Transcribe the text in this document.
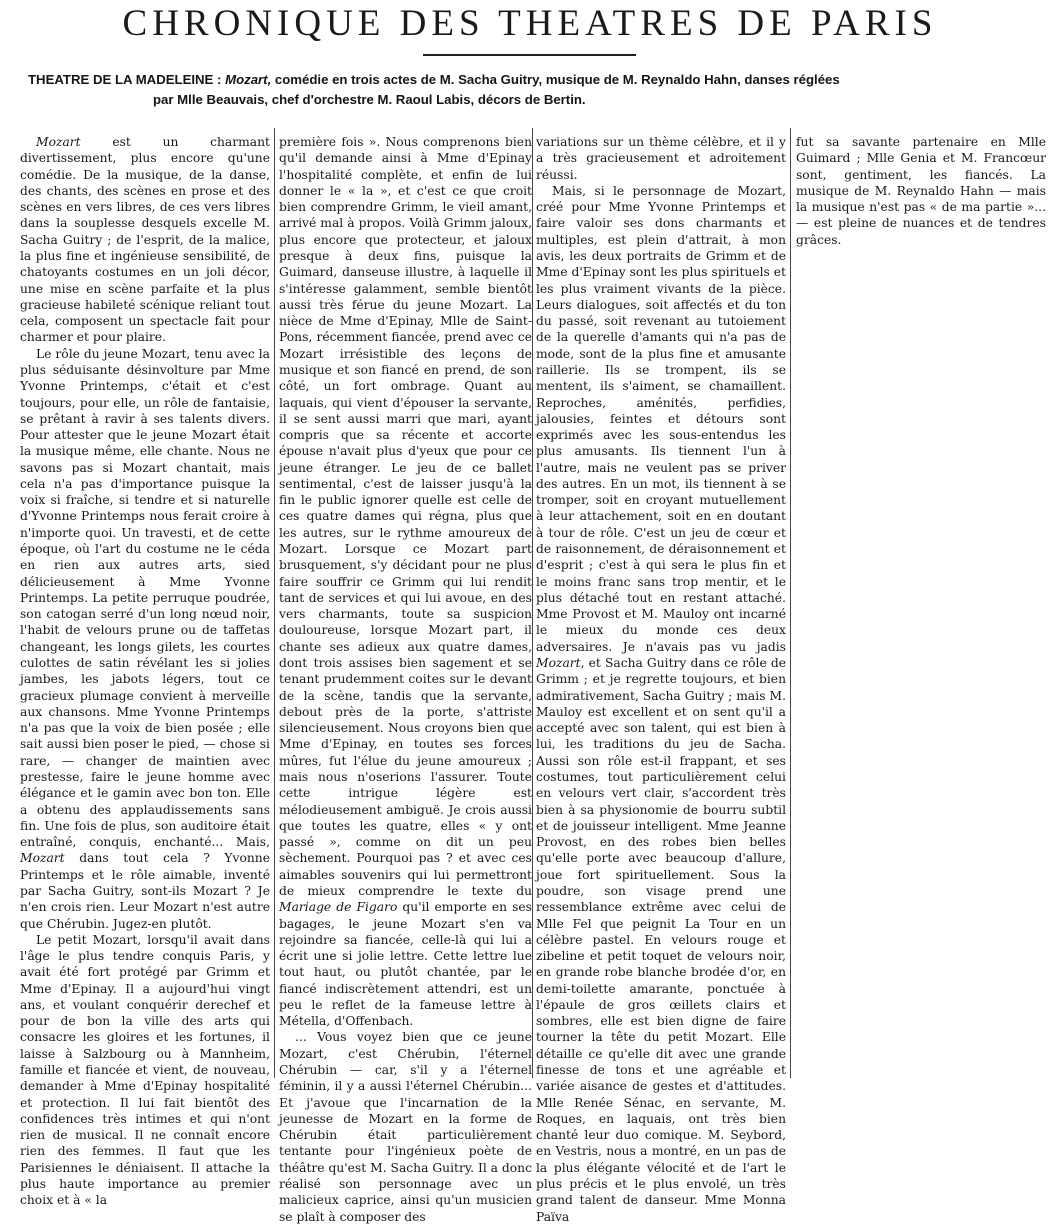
CHRONIQUE DES THEATRES DE PARIS
THEATRE DE LA MADELEINE : Mozart, comédie en trois actes de M. Sacha Guitry, musique de M. Reynaldo Hahn, danses réglées
par Mlle Beauvais, chef d'orchestre M. Raoul Labis, décors de Bertin.

Mozart est un charmant divertissement, plus encore qu'une comédie. De la musique, de la danse, des chants, des scènes en prose et des scènes en vers libres, de ces vers libres dans la souplesse desquels excelle M. Sacha Guitry ; de l'esprit, de la malice, la plus fine et ingénieuse sensibilité, de chatoyants costumes en un joli décor, une mise en scène parfaite et la plus gracieuse habileté scénique reliant tout cela, composent un spectacle fait pour charmer et pour plaire.

Le rôle du jeune Mozart, tenu avec la plus séduisante désinvolture par Mme Yvonne Printemps, c'était et c'est toujours, pour elle, un rôle de fantaisie, se prêtant à ravir à ses talents divers. Pour attester que le jeune Mozart était la musique même, elle chante. Nous ne savons pas si Mozart chantait, mais cela n'a pas d'importance puisque la voix si fraîche, si tendre et si naturelle d'Yvonne Printemps nous ferait croire à n'importe quoi. Un travesti, et de cette époque, où l'art du costume ne le céda en rien aux autres arts, sied délicieusement à Mme Yvonne Printemps. La petite perruque poudrée, son catogan serré d'un long nœud noir, l'habit de velours prune ou de taffetas changeant, les longs gilets, les courtes culottes de satin révélant les si jolies jambes, les jabots légers, tout ce gracieux plumage convient à merveille aux chansons. Mme Yvonne Printemps n'a pas que la voix de bien posée ; elle sait aussi bien poser le pied, — chose si rare, — changer de maintien avec prestesse, faire le jeune homme avec élégance et le gamin avec bon ton. Elle a obtenu des applaudissements sans fin. Une fois de plus, son auditoire était entraîné, conquis, enchanté... Mais, Mozart dans tout cela ? Yvonne Printemps et le rôle aimable, inventé par Sacha Guitry, sont-ils Mozart ? Je n'en crois rien. Leur Mozart n'est autre que Chérubin. Jugez-en plutôt.

Le petit Mozart, lorsqu'il avait dans l'âge le plus tendre conquis Paris, y avait été fort protégé par Grimm et Mme d'Epinay. Il a aujourd'hui vingt ans, et voulant conquérir derechef et pour de bon la ville des arts qui consacre les gloires et les fortunes, il laisse à Salzbourg ou à Mannheim, famille et fiancée et vient, de nouveau, demander à Mme d'Epinay hospitalité et protection. Il lui fait bientôt des confidences très intimes et qui n'ont rien de musical. Il ne connaît encore rien des femmes. Il faut que les Parisiennes le déniaisent. Il attache la plus haute importance au premier choix et à « la

première fois ». Nous comprenons bien qu'il demande ainsi à Mme d'Epinay l'hospitalité complète, et enfin de lui donner le « la », et c'est ce que croit bien comprendre Grimm, le vieil amant, arrivé mal à propos. Voilà Grimm jaloux, plus encore que protecteur, et jaloux presque à deux fins, puisque la Guimard, danseuse illustre, à laquelle il s'intéresse galamment, semble bientôt aussi très férue du jeune Mozart. La nièce de Mme d'Epinay, Mlle de Saint-Pons, récemment fiancée, prend avec ce Mozart irrésistible des leçons de musique et son fiancé en prend, de son côté, un fort ombrage. Quant au laquais, qui vient d'épouser la servante, il se sent aussi marri que mari, ayant compris que sa récente et accorte épouse n'avait plus d'yeux que pour ce jeune étranger. Le jeu de ce ballet sentimental, c'est de laisser jusqu'à la fin le public ignorer quelle est celle de ces quatre dames qui régna, plus que les autres, sur le rythme amoureux de Mozart. Lorsque ce Mozart part brusquement, s'y décidant pour ne plus faire souffrir ce Grimm qui lui rendit tant de services et qui lui avoue, en des vers charmants, toute sa suspicion douloureuse, lorsque Mozart part, il chante ses adieux aux quatre dames, dont trois assises bien sagement et se tenant prudemment coites sur le devant de la scène, tandis que la servante, debout près de la porte, s'attriste silencieusement. Nous croyons bien que Mme d'Epinay, en toutes ses forces mûres, fut l'élue du jeune amoureux ; mais nous n'oserions l'assurer. Toute cette intrigue légère est mélodieusement ambiguë. Je crois aussi que toutes les quatre, elles « y ont passé », comme on dit un peu sèchement. Pourquoi pas ? et avec ces aimables souvenirs qui lui permettront de mieux comprendre le texte du Mariage de Figaro qu'il emporte en ses bagages, le jeune Mozart s'en va rejoindre sa fiancée, celle-là qui lui a écrit une si jolie lettre. Cette lettre lue tout haut, ou plutôt chantée, par le fiancé indiscrètement attendri, est un peu le reflet de la fameuse lettre à Métella, d'Offenbach.

... Vous voyez bien que ce jeune Mozart, c'est Chérubin, l'éternel Chérubin — car, s'il y a l'éternel féminin, il y a aussi l'éternel Chérubin... Et j'avoue que l'incarnation de la jeunesse de Mozart en la forme de Chérubin était particulièrement tentante pour l'ingénieux poète de théâtre qu'est M. Sacha Guitry. Il a donc réalisé son personnage avec un malicieux caprice, ainsi qu'un musicien se plaît à composer des

variations sur un thème célèbre, et il y a très gracieusement et adroitement réussi.

Mais, si le personnage de Mozart, créé pour Mme Yvonne Printemps et faire valoir ses dons charmants et multiples, est plein d'attrait, à mon avis, les deux portraits de Grimm et de Mme d'Epinay sont les plus spirituels et les plus vraiment vivants de la pièce. Leurs dialogues, soit affectés et du ton du passé, soit revenant au tutoiement de la querelle d'amants qui n'a pas de mode, sont de la plus fine et amusante raillerie. Ils se trompent, ils se mentent, ils s'aiment, se chamaillent. Reproches, aménités, perfidies, jalousies, feintes et détours sont exprimés avec les sous-entendus les plus amusants. Ils tiennent l'un à l'autre, mais ne veulent pas se priver des autres. En un mot, ils tiennent à se tromper, soit en croyant mutuellement à leur attachement, soit en en doutant à tour de rôle. C'est un jeu de cœur et de raisonnement, de déraisonnement et d'esprit ; c'est à qui sera le plus fin et le moins franc sans trop mentir, et le plus détaché tout en restant attaché. Mme Provost et M. Mauloy ont incarné le mieux du monde ces deux adversaires. Je n'avais pas vu jadis Mozart, et Sacha Guitry dans ce rôle de Grimm ; et je regrette toujours, et bien admirativement, Sacha Guitry ; mais M. Mauloy est excellent et on sent qu'il a accepté avec son talent, qui est bien à lui, les traditions du jeu de Sacha. Aussi son rôle est-il frappant, et ses costumes, tout particulièrement celui en velours vert clair, s'accordent très bien à sa physionomie de bourru subtil et de jouisseur intelligent. Mme Jeanne Provost, en des robes bien belles qu'elle porte avec beaucoup d'allure, joue fort spirituellement. Sous la poudre, son visage prend une ressemblance extrême avec celui de Mlle Fel que peignit La Tour en un célèbre pastel. En velours rouge et zibeline et petit toquet de velours noir, en grande robe blanche brodée d'or, en demi-toilette amarante, ponctuée à l'épaule de gros œillets clairs et sombres, elle est bien digne de faire tourner la tête du petit Mozart. Elle détaille ce qu'elle dit avec une grande finesse de tons et une agréable et variée aisance de gestes et d'attitudes. Mlle Renée Sénac, en servante, M. Roques, en laquais, ont très bien chanté leur duo comique. M. Seybord, en Vestris, nous a montré, en un pas de la plus élégante vélocité et de l'art le plus précis et le plus envolé, un très grand talent de danseur. Mme Monna Païva

fut sa savante partenaire en Mlle Guimard ; Mlle Genia et M. Francœur sont, gentiment, les fiancés. La musique de M. Reynaldo Hahn — mais la musique n'est pas « de ma partie »... — est pleine de nuances et de tendres grâces.
